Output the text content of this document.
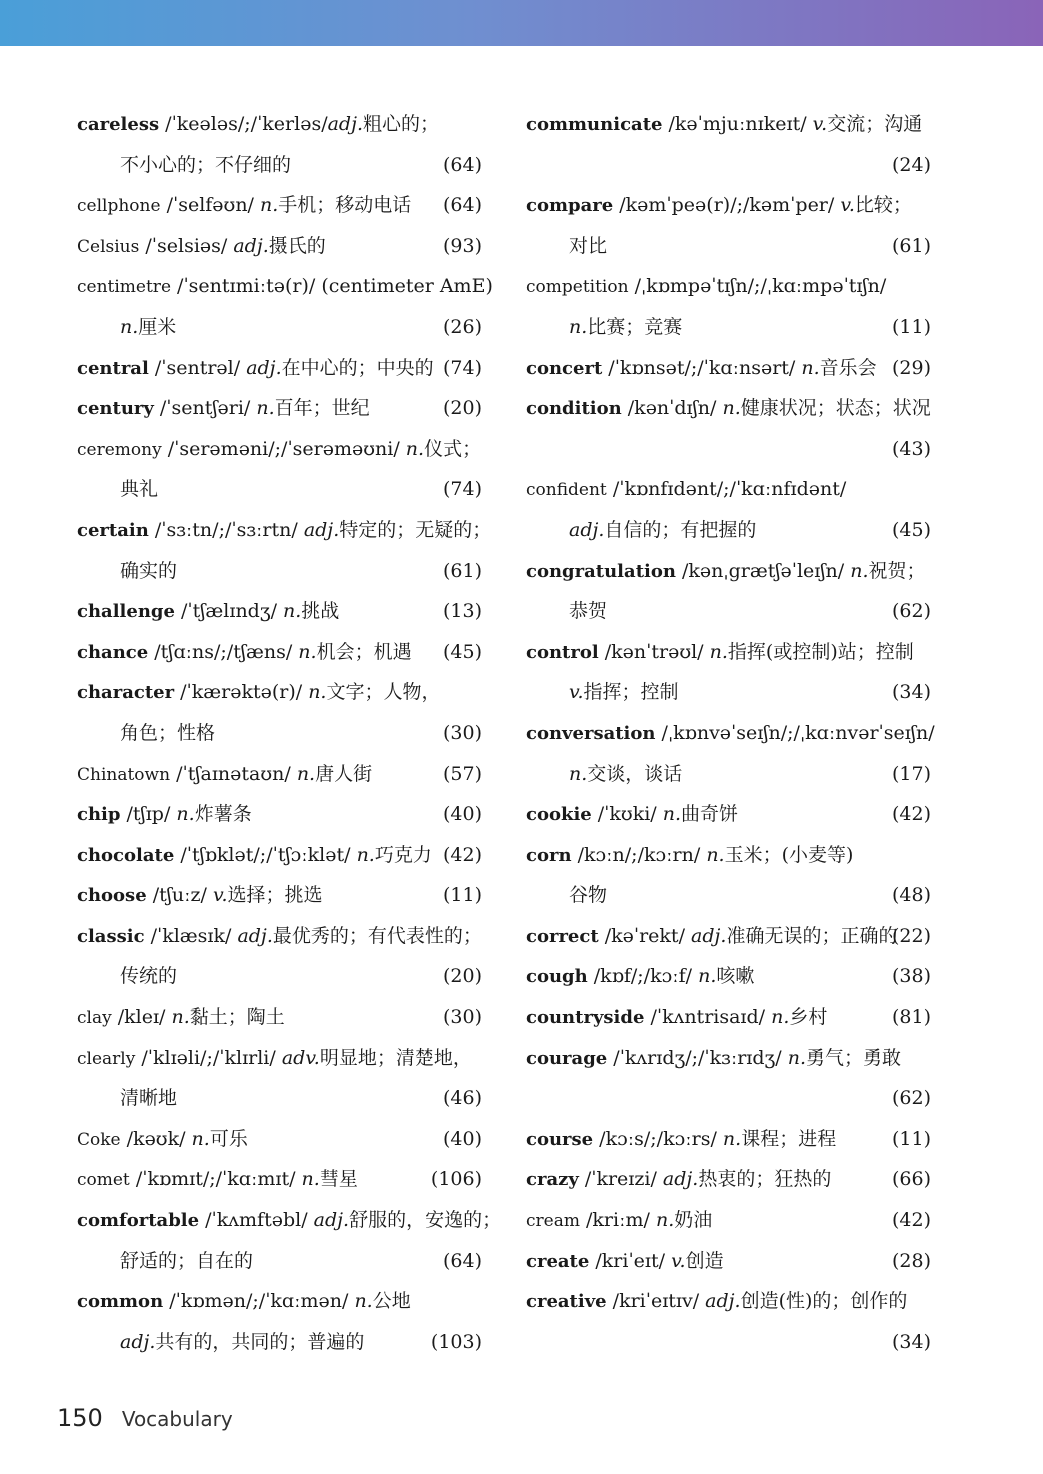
careless /ˈkeələs/;/ˈkerləs/adj.粗心的；
不小心的；不仔细的	(64)
cellphone /ˈselfəʊn/ n.手机；移动电话 (64)
Celsius /ˈselsiəs/ adj.摄氏的	(93)
centimetre /ˈsentɪmiːtə(r)/ (centimeter AmE)
n.厘米	(26)
central /ˈsentrəl/ adj.在中心的；中央的 (74)
century /ˈsentʃəri/ n.百年；世纪	(20)
ceremony /ˈserəməni/;/ˈserəməʊni/ n.仪式；
典礼	(74)
certain /ˈsɜːtn/;/ˈsɜːrtn/ adj.特定的；无疑的；
确实的	(61)
challenge /ˈtʃælɪndʒ/ n.挑战	(13)
chance /tʃɑːns/;/tʃæns/ n.机会；机遇 (45)
character /ˈkærəktə(r)/ n.文字；人物，
角色；性格	(30)
Chinatown /ˈtʃaɪnətaʊn/ n.唐人街	(57)
chip /tʃɪp/ n.炸薯条	(40)
chocolate /ˈtʃɒklət/;/ˈtʃɔːklət/ n.巧克力 (42)
choose /tʃuːz/ v.选择；挑选	(11)
classic /ˈklæsɪk/ adj.最优秀的；有代表性的；
传统的	(20)
clay /kleɪ/ n.黏土；陶土	(30)
clearly /ˈklɪəli/;/ˈklɪrli/ adv.明显地；清楚地，
清晰地	(46)
Coke /kəʊk/ n.可乐	(40)
comet /ˈkɒmɪt/;/ˈkɑːmɪt/ n.彗星	(106)
comfortable /ˈkʌmftəbl/ adj.舒服的，安逸的；
舒适的；自在的	(64)
common /ˈkɒmən/;/ˈkɑːmən/ n.公地
adj.共有的，共同的；普遍的	(103)
communicate /kəˈmjuːnɪkeɪt/ v.交流；沟通
(24)
compare /kəmˈpeə(r)/;/kəmˈper/ v.比较；
对比	(61)
competition /ˌkɒmpəˈtɪʃn/;/ˌkɑːmpəˈtɪʃn/
n.比赛；竞赛	(11)
concert /ˈkɒnsət/;/ˈkɑːnsərt/ n.音乐会 (29)
condition /kənˈdɪʃn/ n.健康状况；状态；状况
(43)
confident /ˈkɒnfɪdənt/;/ˈkɑːnfɪdənt/
adj.自信的；有把握的	(45)
congratulation /kənˌgrætʃəˈleɪʃn/ n.祝贺；
恭贺	(62)
control /kənˈtrəʊl/ n.指挥(或控制)站；控制
v.指挥；控制	(34)
conversation /ˌkɒnvəˈseɪʃn/;/ˌkɑːnvərˈseɪʃn/
n.交谈，谈话	(17)
cookie /ˈkʊki/ n.曲奇饼	(42)
corn /kɔːn/;/kɔːrn/ n.玉米；(小麦等)
谷物	(48)
correct /kəˈrekt/ adj.准确无误的；正确的
(22)
cough /kɒf/;/kɔːf/ n.咳嗽	(38)
countryside /ˈkʌntrisaɪd/ n.乡村	(81)
courage /ˈkʌrɪdʒ/;/ˈkɜːrɪdʒ/ n.勇气；勇敢
(62)
course /kɔːs/;/kɔːrs/ n.课程；进程	(11)
crazy /ˈkreɪzi/ adj.热衷的；狂热的	(66)
cream /kriːm/ n.奶油	(42)
create /kriˈeɪt/ v.创造	(28)
creative /kriˈeɪtɪv/ adj.创造(性)的；创作的
(34)
150 Vocabulary
